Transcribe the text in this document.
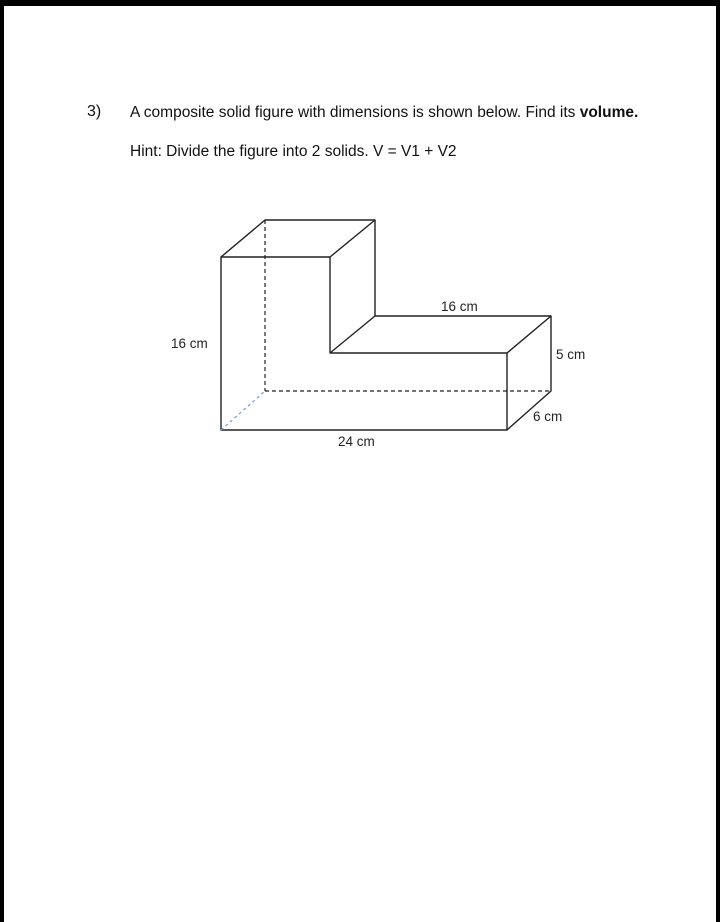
3) A composite solid figure with dimensions is shown below. Find its volume.
Hint: Divide the figure into 2 solids. V = V1 + V2
16 cm
16 cm
5 cm
6 cm
24 cm
